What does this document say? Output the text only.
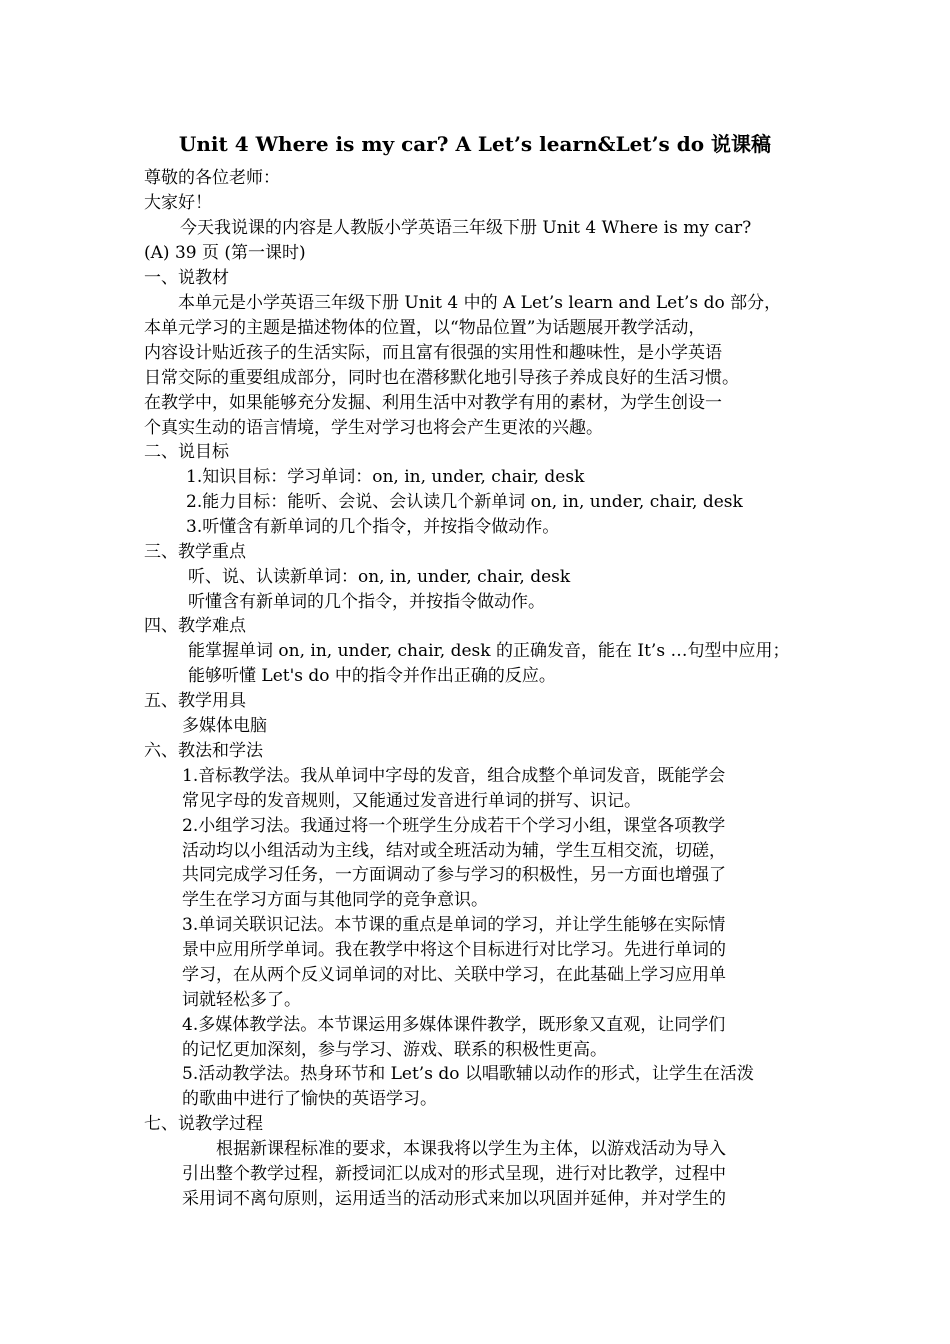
Unit 4 Where is my car? A Let’s learn&Let’s do 说课稿
尊敬的各位老师：
大家好！
今天我说课的内容是人教版小学英语三年级下册 Unit 4 Where is my car?
(A) 39 页 (第一课时)
一、说教材
本单元是小学英语三年级下册 Unit 4 中的 A Let’s learn and Let’s do 部分，
本单元学习的主题是描述物体的位置，以“物品位置”为话题展开教学活动，
内容设计贴近孩子的生活实际，而且富有很强的实用性和趣味性，是小学英语
日常交际的重要组成部分，同时也在潜移默化地引导孩子养成良好的生活习惯。
在教学中，如果能够充分发掘、利用生活中对教学有用的素材，为学生创设一
个真实生动的语言情境，学生对学习也将会产生更浓的兴趣。
二、说目标
1.知识目标：学习单词：on, in, under, chair, desk
2.能力目标：能听、会说、会认读几个新单词 on, in, under, chair, desk
3.听懂含有新单词的几个指令，并按指令做动作。
三、教学重点
听、说、认读新单词：on, in, under, chair, desk
听懂含有新单词的几个指令，并按指令做动作。
四、教学难点
能掌握单词 on, in, under, chair, desk 的正确发音，能在 It’s …句型中应用；
能够听懂 Let's do 中的指令并作出正确的反应。
五、教学用具
多媒体电脑
六、教法和学法
1.音标教学法。我从单词中字母的发音，组合成整个单词发音，既能学会
常见字母的发音规则，又能通过发音进行单词的拼写、识记。
2.小组学习法。我通过将一个班学生分成若干个学习小组，课堂各项教学
活动均以小组活动为主线，结对或全班活动为辅，学生互相交流，切磋，
共同完成学习任务，一方面调动了参与学习的积极性，另一方面也增强了
学生在学习方面与其他同学的竞争意识。
3.单词关联识记法。本节课的重点是单词的学习，并让学生能够在实际情
景中应用所学单词。我在教学中将这个目标进行对比学习。先进行单词的
学习，在从两个反义词单词的对比、关联中学习，在此基础上学习应用单
词就轻松多了。
4.多媒体教学法。本节课运用多媒体课件教学，既形象又直观，让同学们
的记忆更加深刻，参与学习、游戏、联系的积极性更高。
5.活动教学法。热身环节和 Let’s do 以唱歌辅以动作的形式，让学生在活泼
的歌曲中进行了愉快的英语学习。
七、说教学过程
根据新课程标准的要求，本课我将以学生为主体，以游戏活动为导入
引出整个教学过程，新授词汇以成对的形式呈现，进行对比教学，过程中
采用词不离句原则，运用适当的活动形式来加以巩固并延伸，并对学生的
